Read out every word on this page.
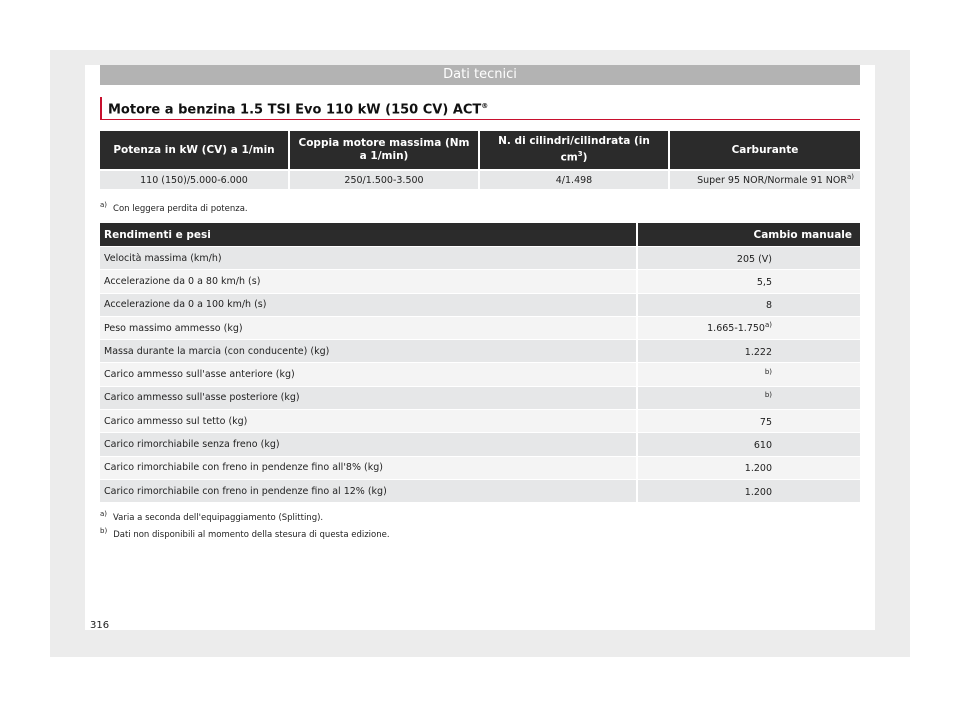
Dati tecnici
Motore a benzina 1.5 TSI Evo 110 kW (150 CV) ACT®
Potenza in kW (CV) a 1/min	Coppia motore massima (Nm a 1/min)	N. di cilindri/cilindrata (in $cm^3$)	Carburante
110 (150)/5.000-6.000	250/1.500-3.500	4/1.498	Super 95 NOR/Normale 91 NOR$^{a)}$
$^{a)}$ Con leggera perdita di potenza.
Rendimenti e pesi	Cambio manuale
Velocità massima (km/h)	205 (V)
Accelerazione da 0 a 80 km/h (s)	5,5
Accelerazione da 0 a 100 km/h (s)	8
Peso massimo ammesso (kg)	1.665-1.750$^{a)}$
Massa durante la marcia (con conducente) (kg)	1.222
Carico ammesso sull'asse anteriore (kg)	$^{b)}$
Carico ammesso sull'asse posteriore (kg)	$^{b)}$
Carico ammesso sul tetto (kg)	75
Carico rimorchiabile senza freno (kg)	610
Carico rimorchiabile con freno in pendenze fino all'8% (kg)	1.200
Carico rimorchiabile con freno in pendenze fino al 12% (kg)	1.200
$^{a)}$ Varia a seconda dell'equipaggiamento (Splitting).
$^{b)}$ Dati non disponibili al momento della stesura di questa edizione.
316
